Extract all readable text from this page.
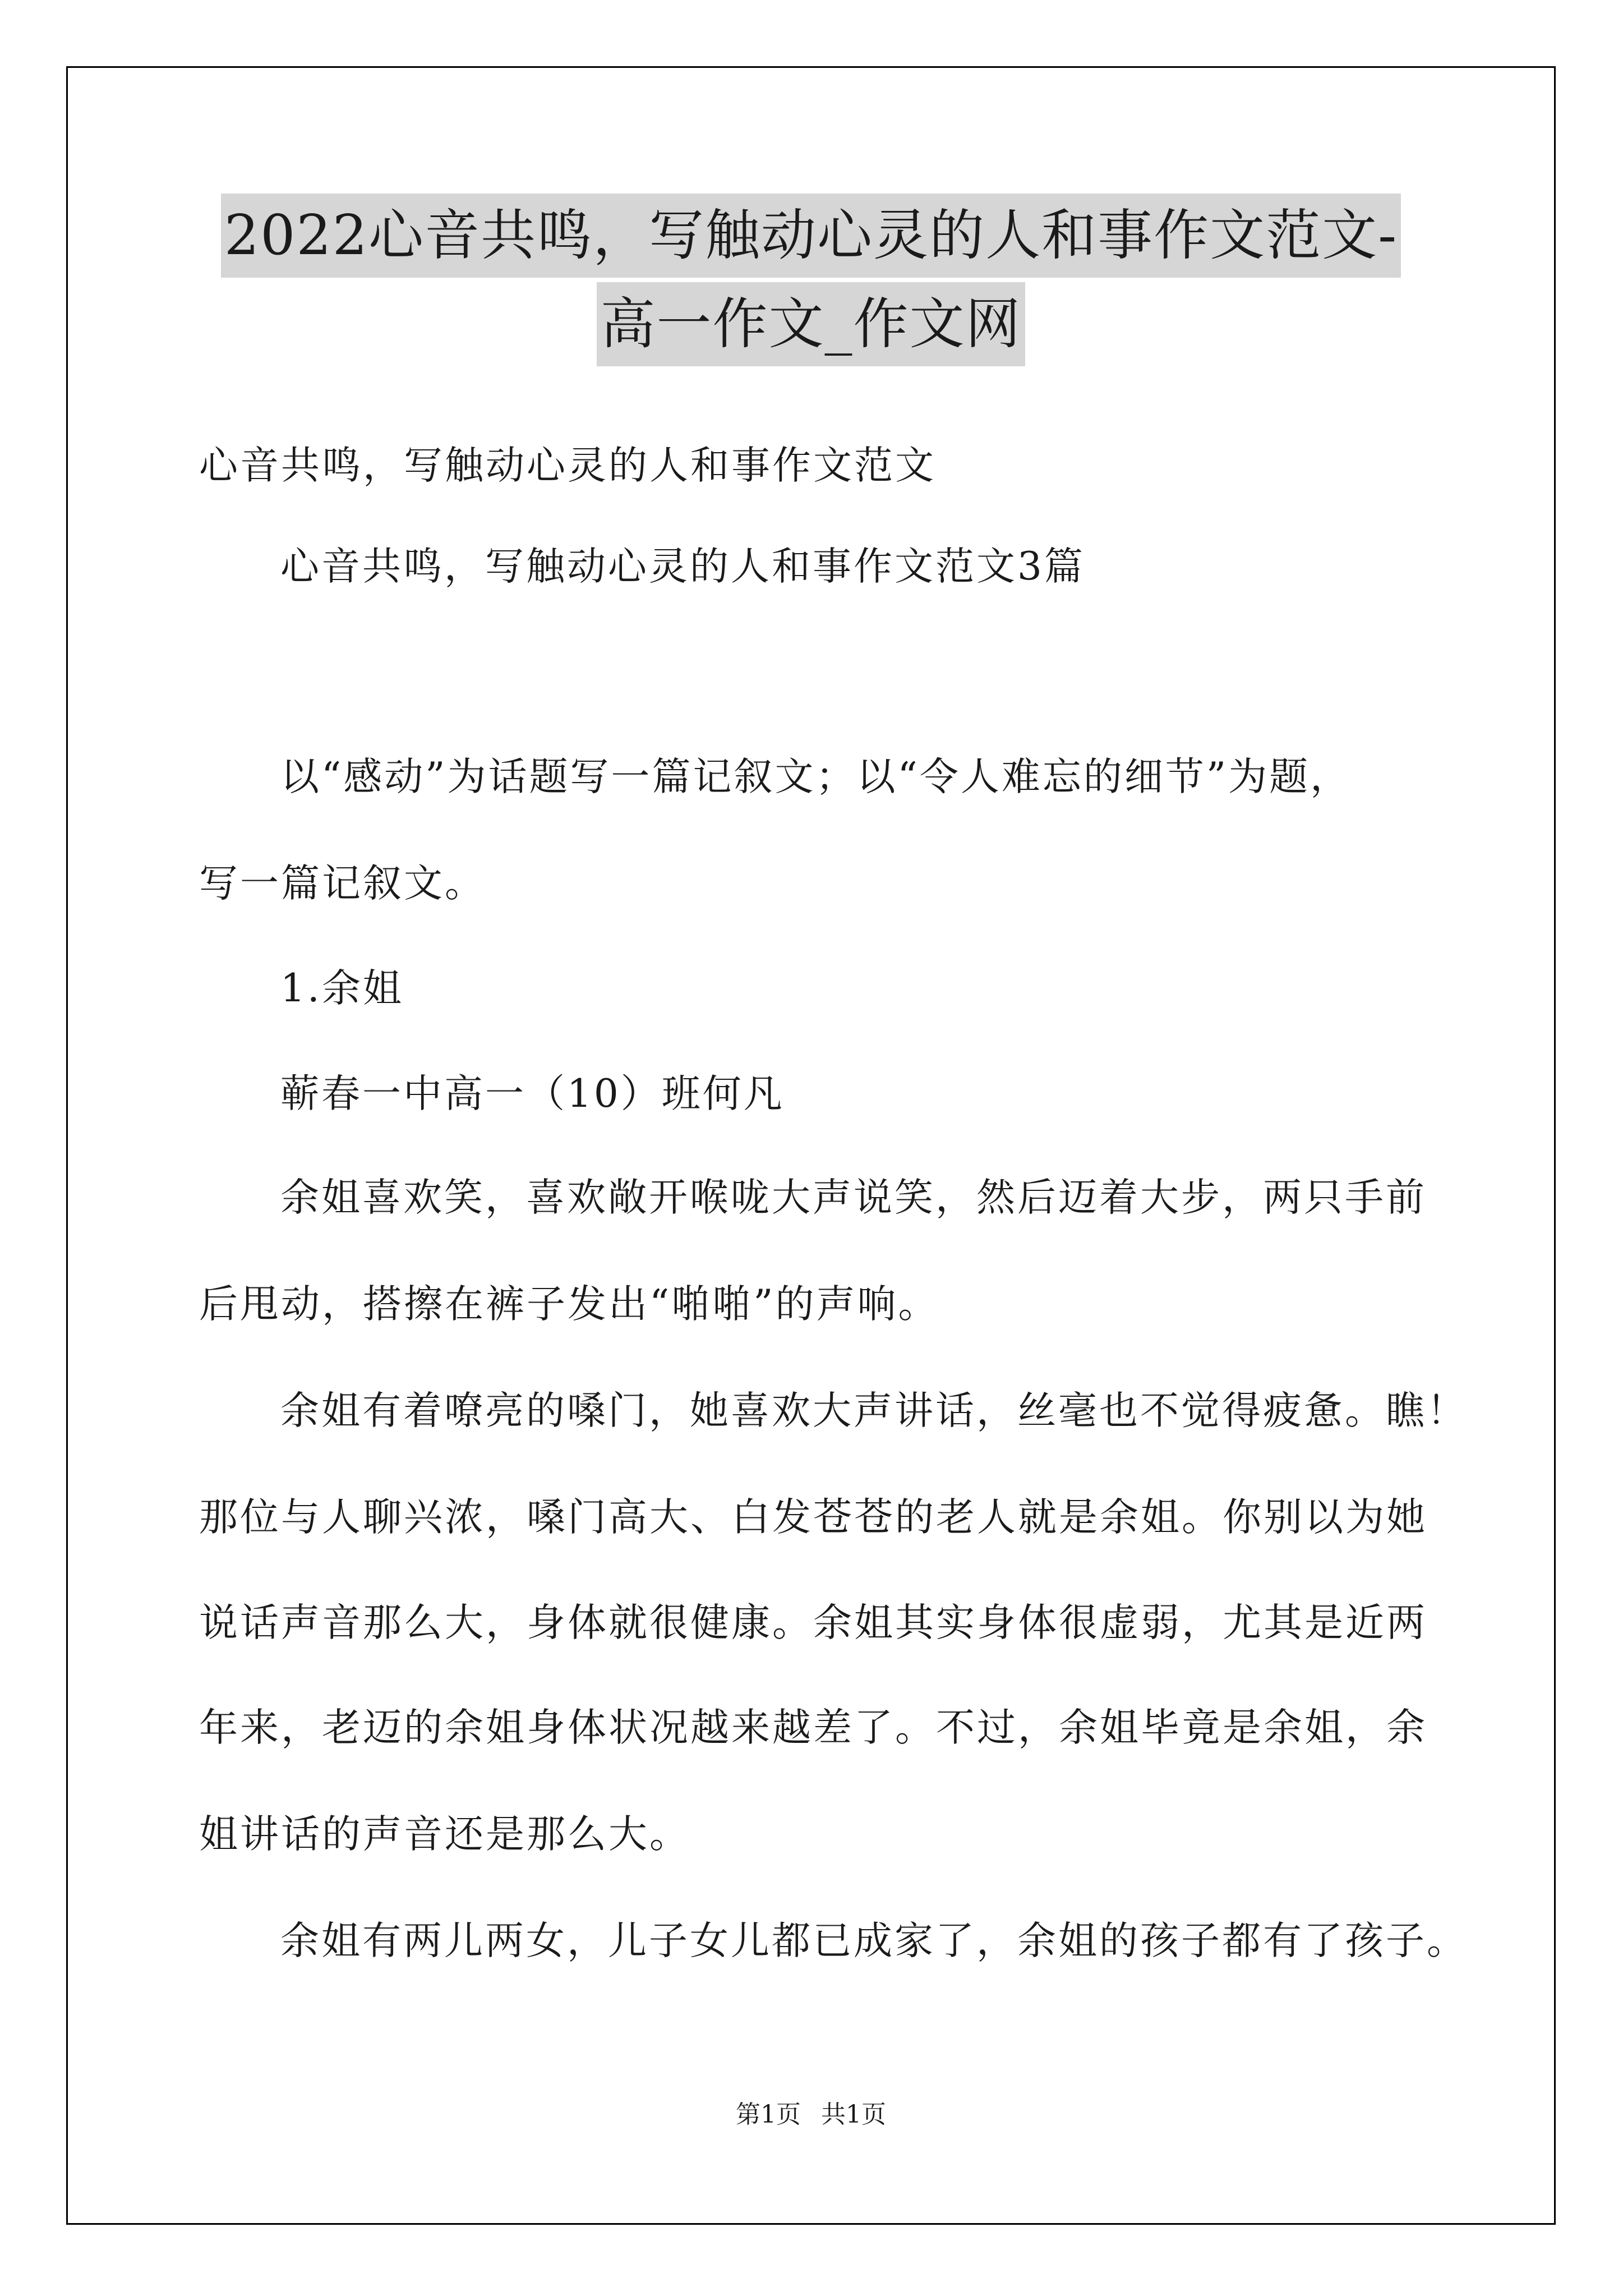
2022心音共鸣，写触动心灵的人和事作文范文-
高一作文_作文网
心音共鸣，写触动心灵的人和事作文范文
心音共鸣，写触动心灵的人和事作文范文3篇
以“感动”为话题写一篇记叙文；以“令人难忘的细节”为题，
写一篇记叙文。
1.余姐
蕲春一中高一（10）班何凡
余姐喜欢笑，喜欢敞开喉咙大声说笑，然后迈着大步，两只手前
后甩动，搭擦在裤子发出“啪啪”的声响。
余姐有着嘹亮的嗓门，她喜欢大声讲话，丝毫也不觉得疲惫。瞧！
那位与人聊兴浓，嗓门高大、白发苍苍的老人就是余姐。你别以为她
说话声音那么大，身体就很健康。余姐其实身体很虚弱，尤其是近两
年来，老迈的余姐身体状况越来越差了。不过，余姐毕竟是余姐，余
姐讲话的声音还是那么大。
余姐有两儿两女，儿子女儿都已成家了，余姐的孩子都有了孩子。
第1页 共1页
